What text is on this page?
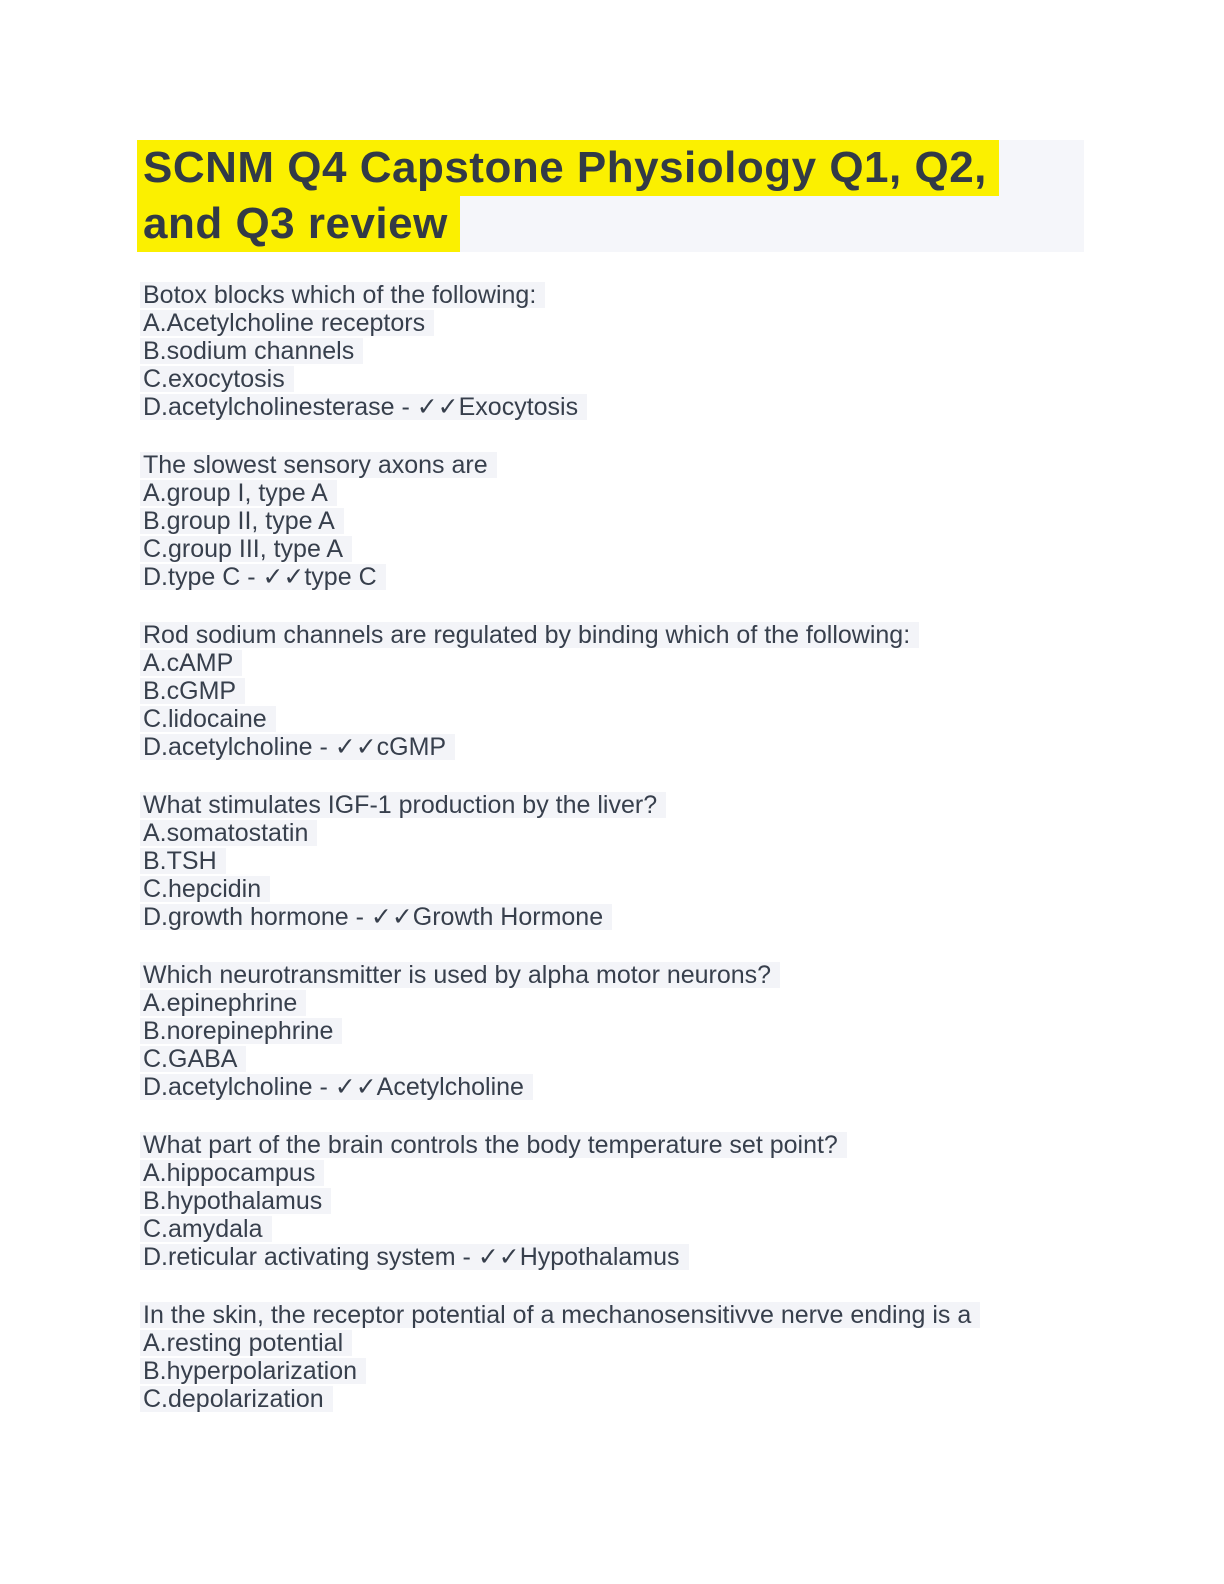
SCNM Q4 Capstone Physiology Q1, Q2,
and Q3 review
Botox blocks which of the following:
A.Acetylcholine receptors
B.sodium channels
C.exocytosis
D.acetylcholinesterase - ✓✓Exocytosis
The slowest sensory axons are
A.group I, type A
B.group II, type A
C.group III, type A
D.type C - ✓✓type C
Rod sodium channels are regulated by binding which of the following:
A.cAMP
B.cGMP
C.lidocaine
D.acetylcholine - ✓✓cGMP
What stimulates IGF-1 production by the liver?
A.somatostatin
B.TSH
C.hepcidin
D.growth hormone - ✓✓Growth Hormone
Which neurotransmitter is used by alpha motor neurons?
A.epinephrine
B.norepinephrine
C.GABA
D.acetylcholine - ✓✓Acetylcholine
What part of the brain controls the body temperature set point?
A.hippocampus
B.hypothalamus
C.amydala
D.reticular activating system - ✓✓Hypothalamus
In the skin, the receptor potential of a mechanosensitivve nerve ending is a
A.resting potential
B.hyperpolarization
C.depolarization
